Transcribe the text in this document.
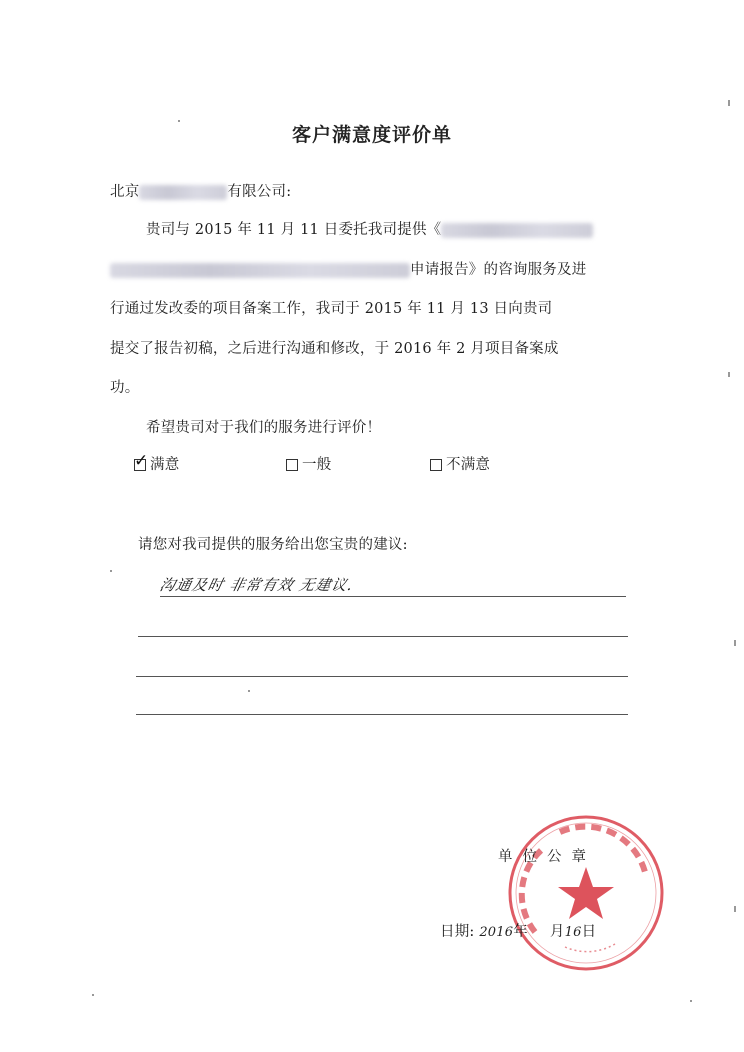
客户满意度评价单
北京	有限公司:
贵司与 2015 年 11 月 11 日委托我司提供《
申请报告》的咨询服务及进
行通过发改委的项目备案工作，我司于 2015 年 11 月 13 日向贵司
提交了报告初稿，之后进行沟通和修改，于 2016 年 2 月项目备案成
功。
希望贵司对于我们的服务进行评价！
✓ 满意	一般	不满意
请您对我司提供的服务给出您宝贵的建议:
沟通及时 非常有效 无建议.
单位公章
日期: 2016年 月16日
